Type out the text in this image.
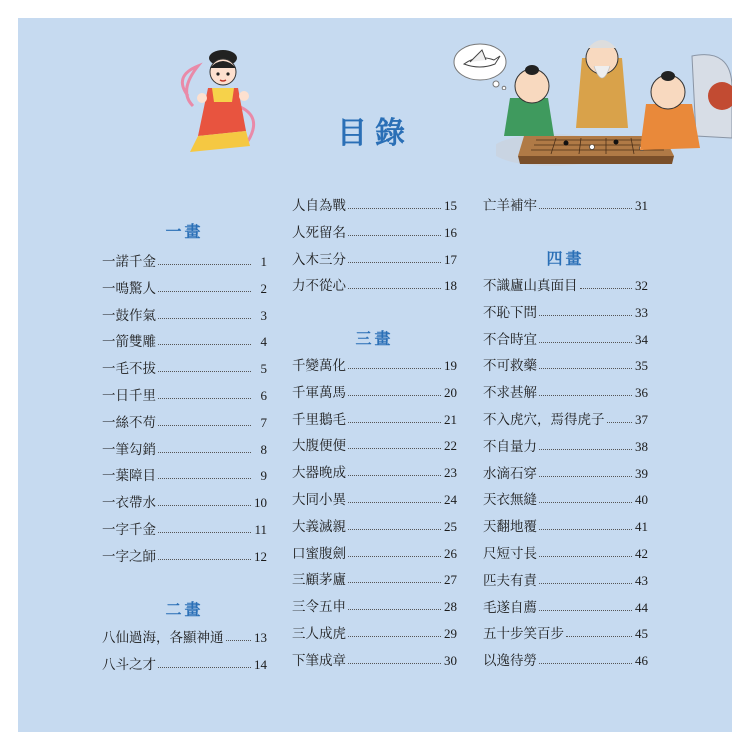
目錄
一畫
一諾千金	1
一鳴驚人	2
一鼓作氣	3
一箭雙雕	4
一毛不拔	5
一日千里	6
一絲不苟	7
一筆勾銷	8
一葉障目	9
一衣帶水	10
一字千金	11
一字之師	12
二畫
八仙過海，各顯神通 13
八斗之才	14
人自為戰	15
人死留名	16
入木三分	17
力不從心	18
三畫
千變萬化	19
千軍萬馬	20
千里鵝毛	21
大腹便便	22
大器晚成	23
大同小異	24
大義滅親	25
口蜜腹劍	26
三顧茅廬	27
三令五申	28
三人成虎	29
下筆成章	30
亡羊補牢	31
四畫
不識廬山真面目	32
不恥下問	33
不合時宜	34
不可救藥	35
不求甚解	36
不入虎穴，焉得虎子 37
不自量力	38
水滴石穿	39
天衣無縫	40
天翻地覆	41
尺短寸長	42
匹夫有責	43
毛遂自薦	44
五十步笑百步	45
以逸待勞	46
